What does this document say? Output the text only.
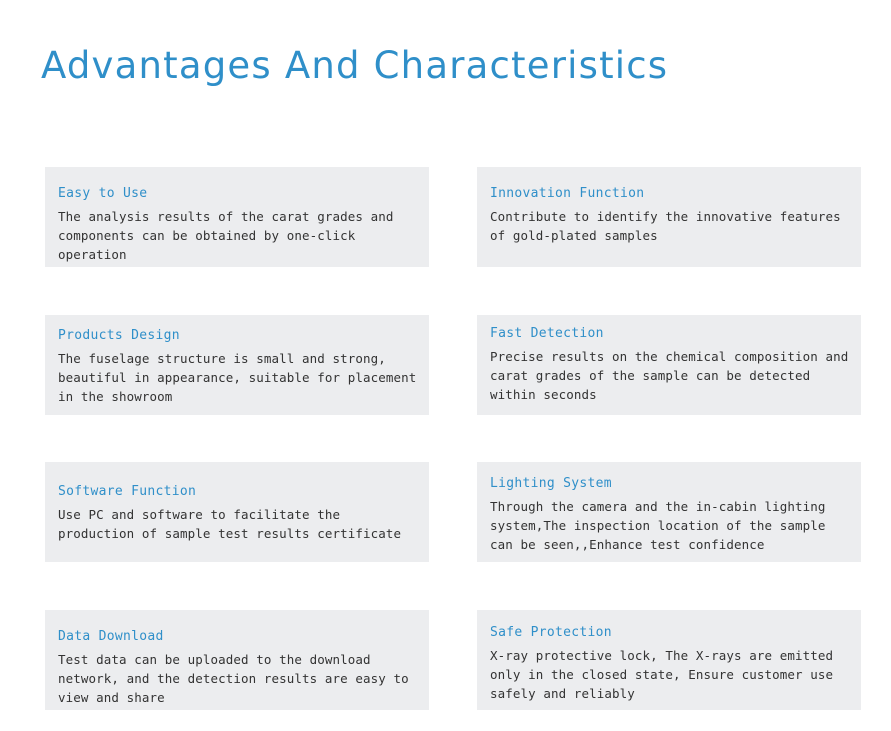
Advantages And Characteristics

Easy to Use

The analysis results of the carat grades and components can be obtained by one-click operation

Innovation Function

Contribute to identify the innovative features of gold-plated samples

Products Design

The fuselage structure is small and strong, beautiful in appearance, suitable for placement in the showroom

Fast Detection

Precise results on the chemical composition and carat grades of the sample can be detected within seconds

Software Function

Use PC and software to facilitate the production of sample test results certificate

Lighting System

Through the camera and the in-cabin lighting system,The inspection location of the sample can be seen,,Enhance test confidence

Data Download

Test data can be uploaded to the download network, and the detection results are easy to view and share

Safe Protection

X-ray protective lock, The X-rays are emitted only in the closed state, Ensure customer use safely and reliably
